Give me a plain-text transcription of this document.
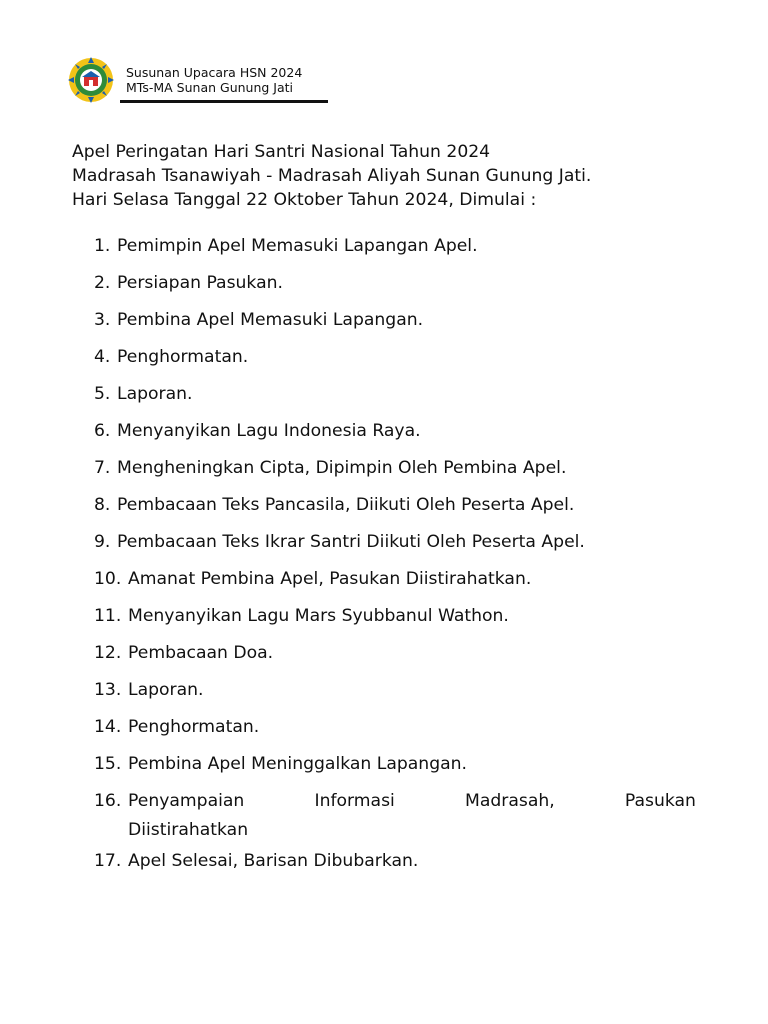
Susunan Upacara HSN 2024
MTs-MA Sunan Gunung Jati
Apel Peringatan Hari Santri Nasional Tahun 2024
Madrasah Tsanawiyah - Madrasah Aliyah Sunan Gunung Jati.
Hari Selasa Tanggal 22 Oktober Tahun 2024, Dimulai :
1. Pemimpin Apel Memasuki Lapangan Apel.
2. Persiapan Pasukan.
3. Pembina Apel Memasuki Lapangan.
4. Penghormatan.
5. Laporan.
6. Menyanyikan Lagu Indonesia Raya.
7. Mengheningkan Cipta, Dipimpin Oleh Pembina Apel.
8. Pembacaan Teks Pancasila, Diikuti Oleh Peserta Apel.
9. Pembacaan Teks Ikrar Santri Diikuti Oleh Peserta Apel.
10. Amanat Pembina Apel, Pasukan Diistirahatkan.
11. Menyanyikan Lagu Mars Syubbanul Wathon.
12. Pembacaan Doa.
13. Laporan.
14. Penghormatan.
15. Pembina Apel Meninggalkan Lapangan.
16. Penyampaian	Informasi	Madrasah,	Pasukan
Diistirahatkan
17. Apel Selesai, Barisan Dibubarkan.
